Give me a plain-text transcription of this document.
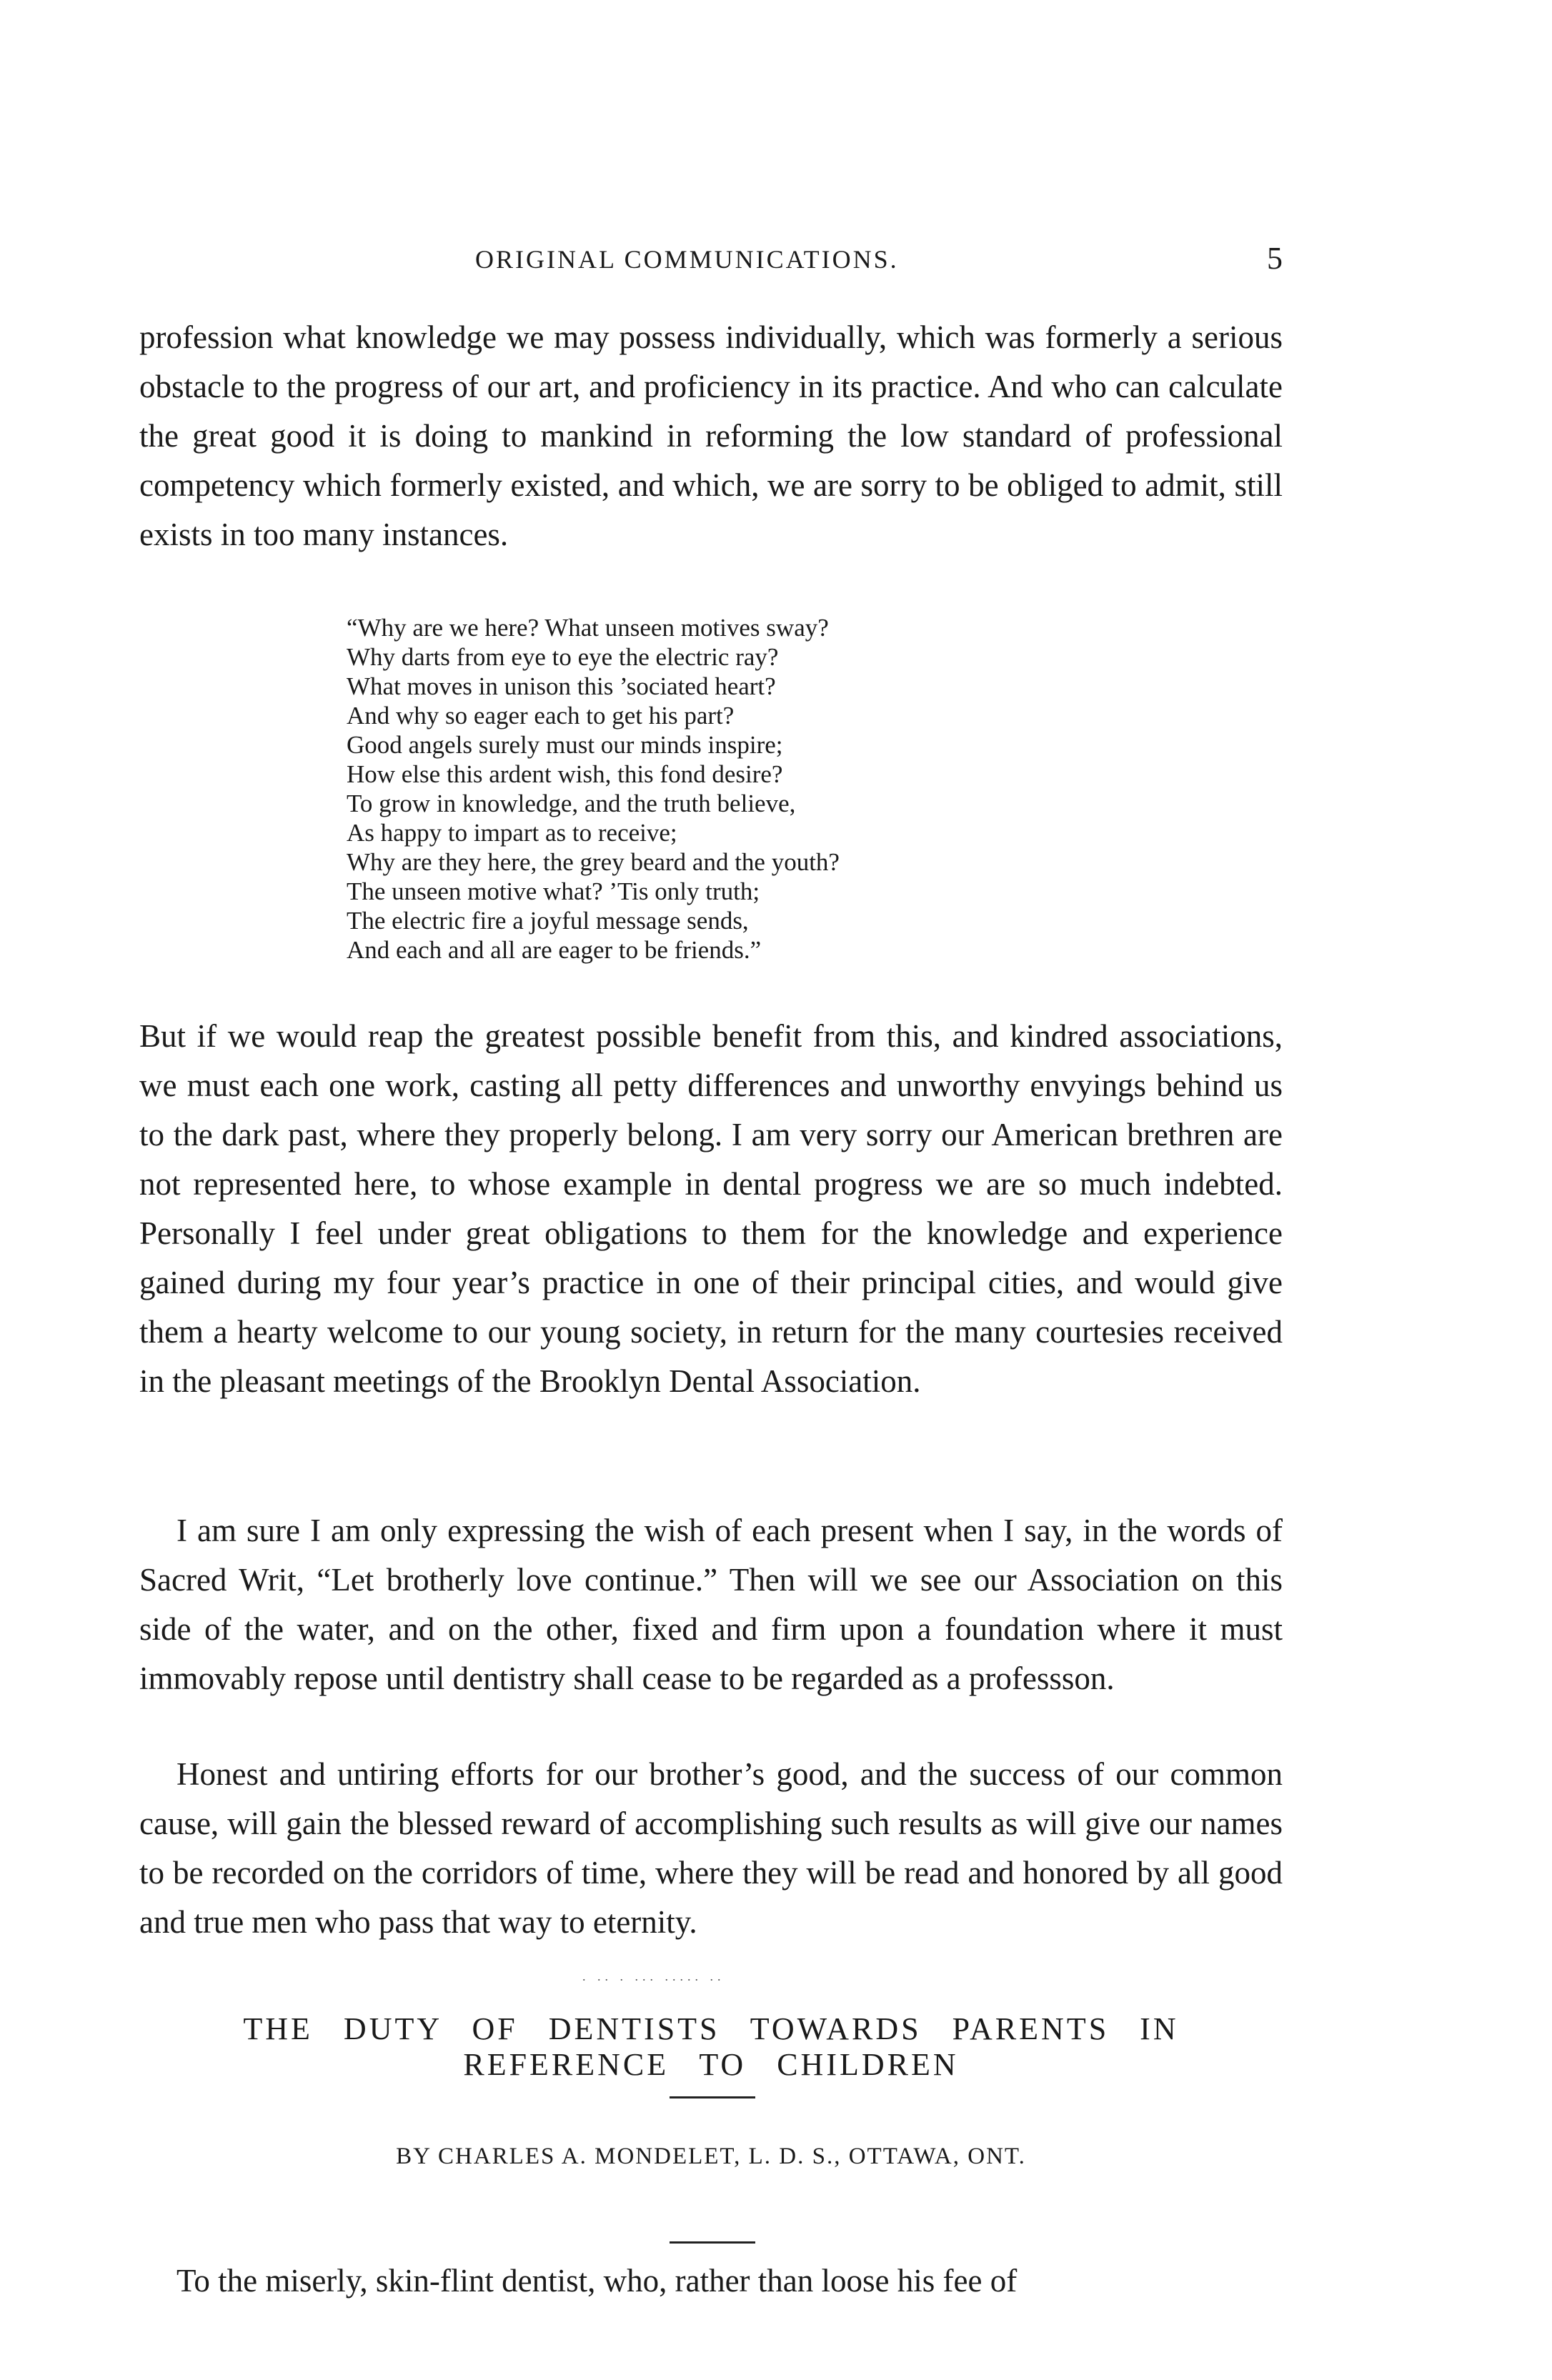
ORIGINAL COMMUNICATIONS.	5

profession what knowledge we may possess individually, which was formerly a serious obstacle to the progress of our art, and proficiency in its practice. And who can calculate the great good it is doing to mankind in reforming the low standard of professional competency which formerly existed, and which, we are sorry to be obliged to admit, still exists in too many instances.

“Why are we here? What unseen motives sway?
Why darts from eye to eye the electric ray?
What moves in unison this ’sociated heart?
And why so eager each to get his part?
Good angels surely must our minds inspire;
How else this ardent wish, this fond desire?
To grow in knowledge, and the truth believe,
As happy to impart as to receive;
Why are they here, the grey beard and the youth?
The unseen motive what? ’Tis only truth;
The electric fire a joyful message sends,
And each and all are eager to be friends.”

But if we would reap the greatest possible benefit from this, and kindred associations, we must each one work, casting all petty differences and unworthy envyings behind us to the dark past, where they properly belong. I am very sorry our American brethren are not represented here, to whose example in dental progress we are so much indebted. Personally I feel under great obligations to them for the knowledge and experience gained during my four year’s practice in one of their principal cities, and would give them a hearty welcome to our young society, in return for the many courtesies received in the pleasant meetings of the Brooklyn Dental Association.

I am sure I am only expressing the wish of each present when I say, in the words of Sacred Writ, “Let brotherly love continue.” Then will we see our Association on this side of the water, and on the other, fixed and firm upon a foundation where it must immovably repose until dentistry shall cease to be regarded as a professson.

Honest and untiring efforts for our brother’s good, and the success of our common cause, will gain the blessed reward of accomplishing such results as will give our names to be recorded on the corridors of time, where they will be read and honored by all good and true men who pass that way to eternity.

. .. . ... ..... ..
THE DUTY OF DENTISTS TOWARDS PARENTS IN
REFERENCE TO CHILDREN
BY CHARLES A. MONDELET, L. D. S., OTTAWA, ONT.

To the miserly, skin-flint dentist, who, rather than loose his fee of
